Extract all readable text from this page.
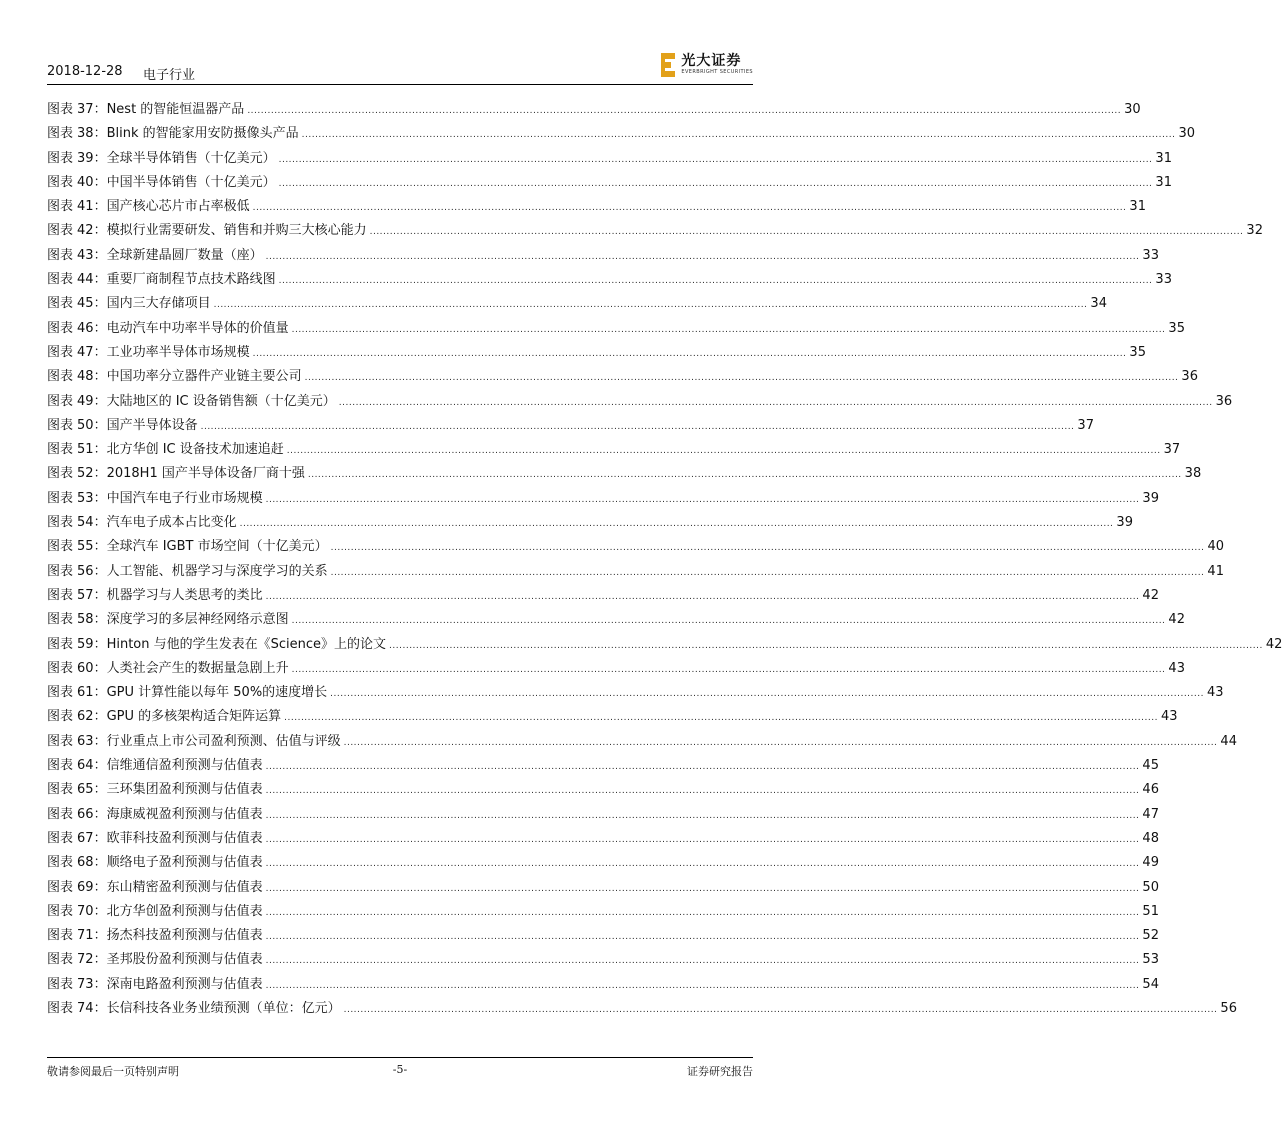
2018-12-28 电子行业
光大证券
EVERBRIGHT SECURITIES
图表 37 ： Nest 的智能恒温器产品 .................................................................................................................................................................................................................................................................... 30
图表 38 ： Blink 的智能家用安防摄像头产品 .................................................................................................................................................................................................................................................................... 30
图表 39 ： 全球半导体销售（十亿美元） .................................................................................................................................................................................................................................................................... 31
图表 40 ： 中国半导体销售（十亿美元） .................................................................................................................................................................................................................................................................... 31
图表 41 ： 国产核心芯片市占率极低 .................................................................................................................................................................................................................................................................... 31
图表 42 ： 模拟行业需要研发、销售和并购三大核心能力 .................................................................................................................................................................................................................................................................... 32
图表 43 ： 全球新建晶圆厂数量（座） .................................................................................................................................................................................................................................................................... 33
图表 44 ： 重要厂商制程节点技术路线图 .................................................................................................................................................................................................................................................................... 33
图表 45 ： 国内三大存储项目 .................................................................................................................................................................................................................................................................... 34
图表 46 ： 电动汽车中功率半导体的价值量 .................................................................................................................................................................................................................................................................... 35
图表 47 ： 工业功率半导体市场规模 .................................................................................................................................................................................................................................................................... 35
图表 48 ： 中国功率分立器件产业链主要公司 .................................................................................................................................................................................................................................................................... 36
图表 49 ： 大陆地区的 IC 设备销售额（十亿美元） .................................................................................................................................................................................................................................................................... 36
图表 50 ： 国产半导体设备 .................................................................................................................................................................................................................................................................... 37
图表 51 ： 北方华创 IC 设备技术加速追赶 .................................................................................................................................................................................................................................................................... 37
图表 52 ： 2018H1 国产半导体设备厂商十强 .................................................................................................................................................................................................................................................................... 38
图表 53 ： 中国汽车电子行业市场规模 .................................................................................................................................................................................................................................................................... 39
图表 54 ： 汽车电子成本占比变化 .................................................................................................................................................................................................................................................................... 39
图表 55 ： 全球汽车 IGBT 市场空间（十亿美元） .................................................................................................................................................................................................................................................................... 40
图表 56 ： 人工智能、机器学习与深度学习的关系 .................................................................................................................................................................................................................................................................... 41
图表 57 ： 机器学习与人类思考的类比 .................................................................................................................................................................................................................................................................... 42
图表 58 ： 深度学习的多层神经网络示意图 .................................................................................................................................................................................................................................................................... 42
图表 59 ： Hinton 与他的学生发表在《Science》上的论文 .................................................................................................................................................................................................................................................................... 42
图表 60 ： 人类社会产生的数据量急剧上升 .................................................................................................................................................................................................................................................................... 43
图表 61 ： GPU 计算性能以每年 50%的速度增长 .................................................................................................................................................................................................................................................................... 43
图表 62 ： GPU 的多核架构适合矩阵运算 .................................................................................................................................................................................................................................................................... 43
图表 63 ： 行业重点上市公司盈利预测、估值与评级 .................................................................................................................................................................................................................................................................... 44
图表 64 ： 信维通信盈利预测与估值表 .................................................................................................................................................................................................................................................................... 45
图表 65 ： 三环集团盈利预测与估值表 .................................................................................................................................................................................................................................................................... 46
图表 66 ： 海康威视盈利预测与估值表 .................................................................................................................................................................................................................................................................... 47
图表 67 ： 欧菲科技盈利预测与估值表 .................................................................................................................................................................................................................................................................... 48
图表 68 ： 顺络电子盈利预测与估值表 .................................................................................................................................................................................................................................................................... 49
图表 69 ： 东山精密盈利预测与估值表 .................................................................................................................................................................................................................................................................... 50
图表 70 ： 北方华创盈利预测与估值表 .................................................................................................................................................................................................................................................................... 51
图表 71 ： 扬杰科技盈利预测与估值表 .................................................................................................................................................................................................................................................................... 52
图表 72 ： 圣邦股份盈利预测与估值表 .................................................................................................................................................................................................................................................................... 53
图表 73 ： 深南电路盈利预测与估值表 .................................................................................................................................................................................................................................................................... 54
图表 74 ： 长信科技各业务业绩预测（单位：亿元） .................................................................................................................................................................................................................................................................... 56
敬请参阅最后一页特别声明	-5-	证券研究报告
